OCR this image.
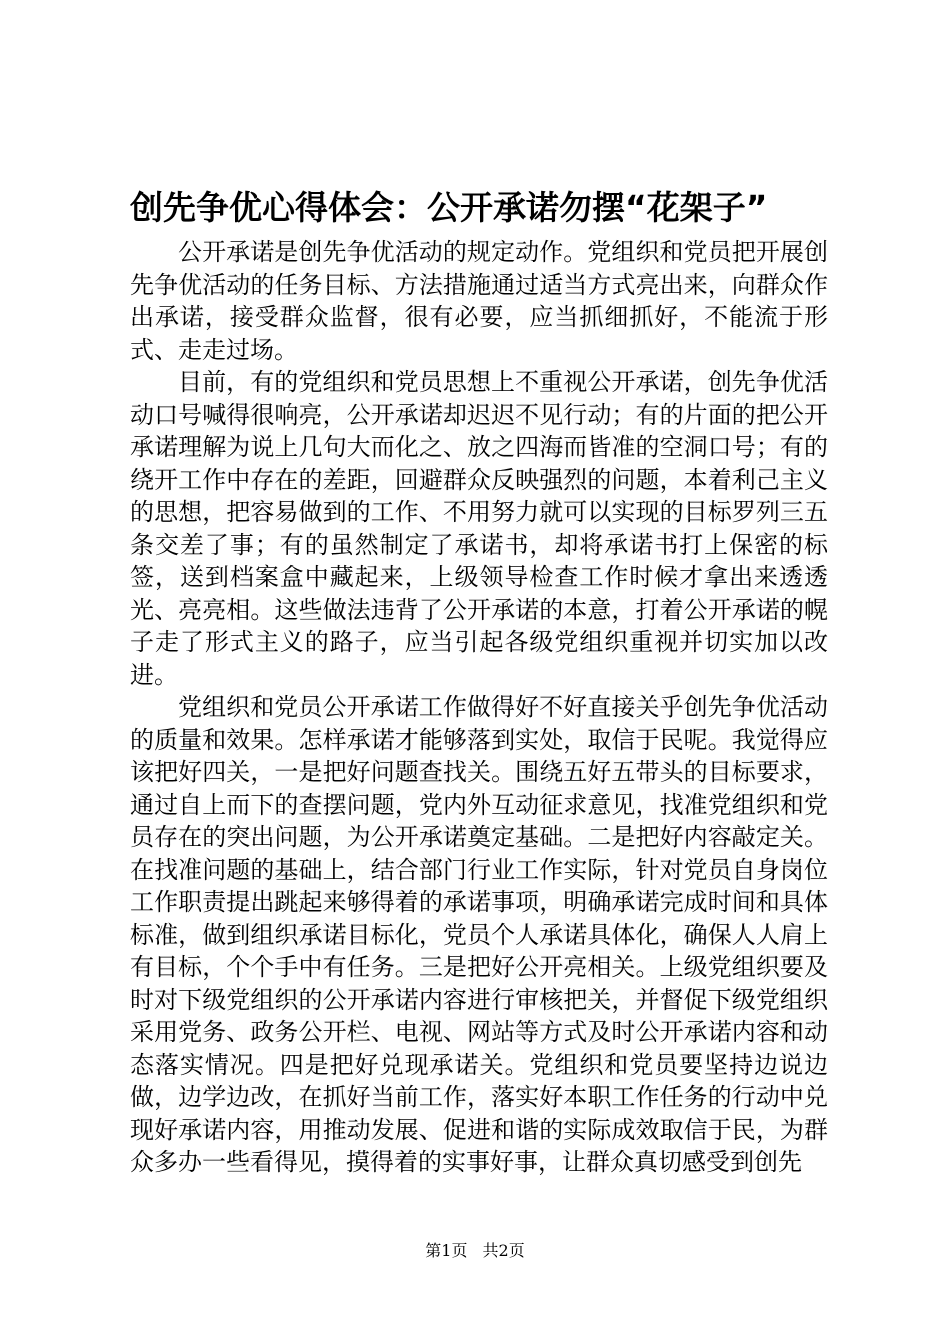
创先争优心得体会：公开承诺勿摆“花架子”

公开承诺是创先争优活动的规定动作。党组织和党员把开展创先争优活动的任务目标、方法措施通过适当方式亮出来，向群众作出承诺，接受群众监督，很有必要，应当抓细抓好，不能流于形式、走走过场。

目前，有的党组织和党员思想上不重视公开承诺，创先争优活动口号喊得很响亮，公开承诺却迟迟不见行动；有的片面的把公开承诺理解为说上几句大而化之、放之四海而皆准的空洞口号；有的绕开工作中存在的差距，回避群众反映强烈的问题，本着利己主义的思想，把容易做到的工作、不用努力就可以实现的目标罗列三五条交差了事；有的虽然制定了承诺书，却将承诺书打上保密的标签，送到档案盒中藏起来，上级领导检查工作时候才拿出来透透光、亮亮相。这些做法违背了公开承诺的本意，打着公开承诺的幌子走了形式主义的路子，应当引起各级党组织重视并切实加以改进。

党组织和党员公开承诺工作做得好不好直接关乎创先争优活动的质量和效果。怎样承诺才能够落到实处，取信于民呢。我觉得应该把好四关，一是把好问题查找关。围绕五好五带头的目标要求，通过自上而下的查摆问题，党内外互动征求意见，找准党组织和党员存在的突出问题，为公开承诺奠定基础。二是把好内容敲定关。在找准问题的基础上，结合部门行业工作实际，针对党员自身岗位工作职责提出跳起来够得着的承诺事项，明确承诺完成时间和具体标准，做到组织承诺目标化，党员个人承诺具体化，确保人人肩上有目标，个个手中有任务。三是把好公开亮相关。上级党组织要及时对下级党组织的公开承诺内容进行审核把关，并督促下级党组织采用党务、政务公开栏、电视、网站等方式及时公开承诺内容和动态落实情况。四是把好兑现承诺关。党组织和党员要坚持边说边做，边学边改，在抓好当前工作，落实好本职工作任务的行动中兑现好承诺内容，用推动发展、促进和谐的实际成效取信于民，为群众多办一些看得见，摸得着的实事好事，让群众真切感受到创先

第1页 共2页
